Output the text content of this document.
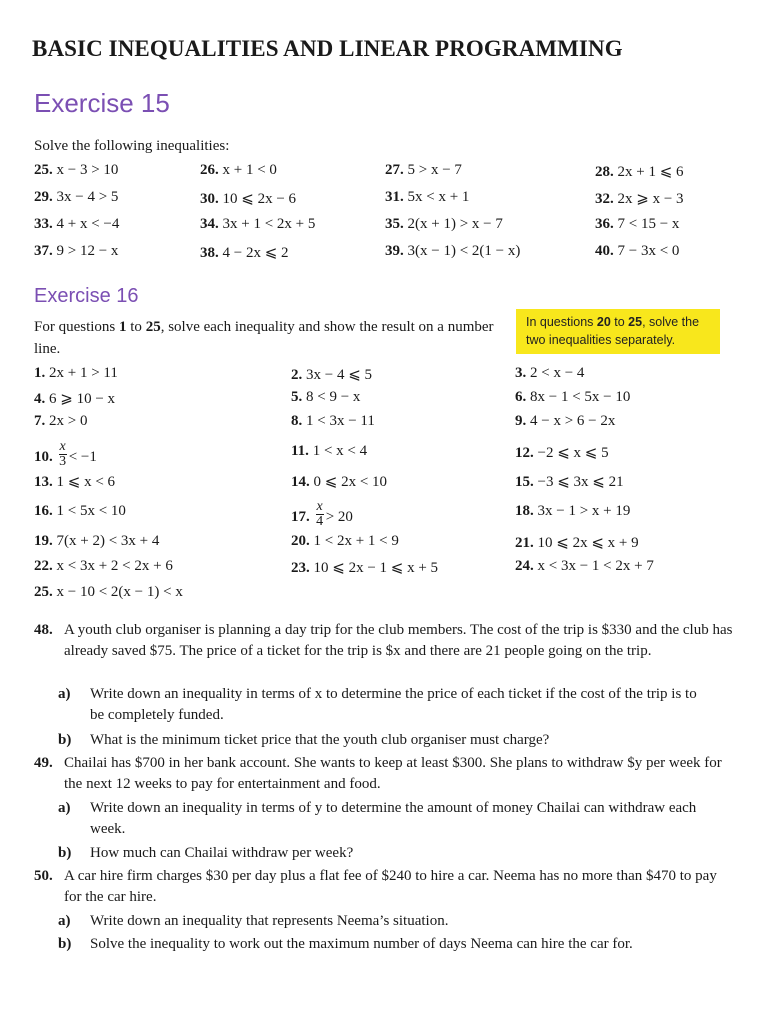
BASIC INEQUALITIES AND LINEAR PROGRAMMING
Exercise 15
Solve the following inequalities:
25. x − 3 > 10	26. x + 1 < 0	27. 5 > x − 7	28. 2x + 1 ⩽ 6
29. 3x − 4 > 5	30. 10 ⩽ 2x − 6	31. 5x < x + 1	32. 2x ⩾ x − 3
33. 4 + x < −4	34. 3x + 1 < 2x + 5	35. 2(x + 1) > x − 7	36. 7 < 15 − x
37. 9 > 12 − x	38. 4 − 2x ⩽ 2	39. 3(x − 1) < 2(1 − x)	40. 7 − 3x < 0
Exercise 16
For questions 1 to 25, solve each inequality and show the result on a number line.
In questions 20 to 25, solve the two inequalities separately.
1. 2x + 1 > 11	2. 3x − 4 ⩽ 5	3. 2 < x − 4
4. 6 ⩾ 10 − x	5. 8 < 9 − x	6. 8x − 1 < 5x − 10
7. 2x > 0	8. 1 < 3x − 11	9. 4 − x > 6 − 2x
10. $\frac{x}{3} < -1$	11. 1 < x < 4	12. −2 ⩽ x ⩽ 5
13. 1 ⩽ x < 6	14. 0 ⩽ 2x < 10	15. −3 ⩽ 3x ⩽ 21
16. 1 < 5x < 10	17. $\frac{x}{4} > 20$	18. 3x − 1 > x + 19
19. 7(x + 2) < 3x + 4	20. 1 < 2x + 1 < 9	21. 10 ⩽ 2x ⩽ x + 9
22. x < 3x + 2 < 2x + 6	23. 10 ⩽ 2x − 1 ⩽ x + 5	24. x < 3x − 1 < 2x + 7
25. x − 10 < 2(x − 1) < x
48. A youth club organiser is planning a day trip for the club members. The cost of the trip is $330 and the club has already saved $75. The price of a ticket for the trip is $x and there are 21 people going on the trip.
a) Write down an inequality in terms of x to determine the price of each ticket if the cost of the trip is to be completely funded.
b) What is the minimum ticket price that the youth club organiser must charge?
49. Chailai has $700 in her bank account. She wants to keep at least $300. She plans to withdraw $y per week for the next 12 weeks to pay for entertainment and food.
a) Write down an inequality in terms of y to determine the amount of money Chailai can withdraw each week.
b) How much can Chailai withdraw per week?
50. A car hire firm charges $30 per day plus a flat fee of $240 to hire a car. Neema has no more than $470 to pay for the car hire.
a) Write down an inequality that represents Neema’s situation.
b) Solve the inequality to work out the maximum number of days Neema can hire the car for.
